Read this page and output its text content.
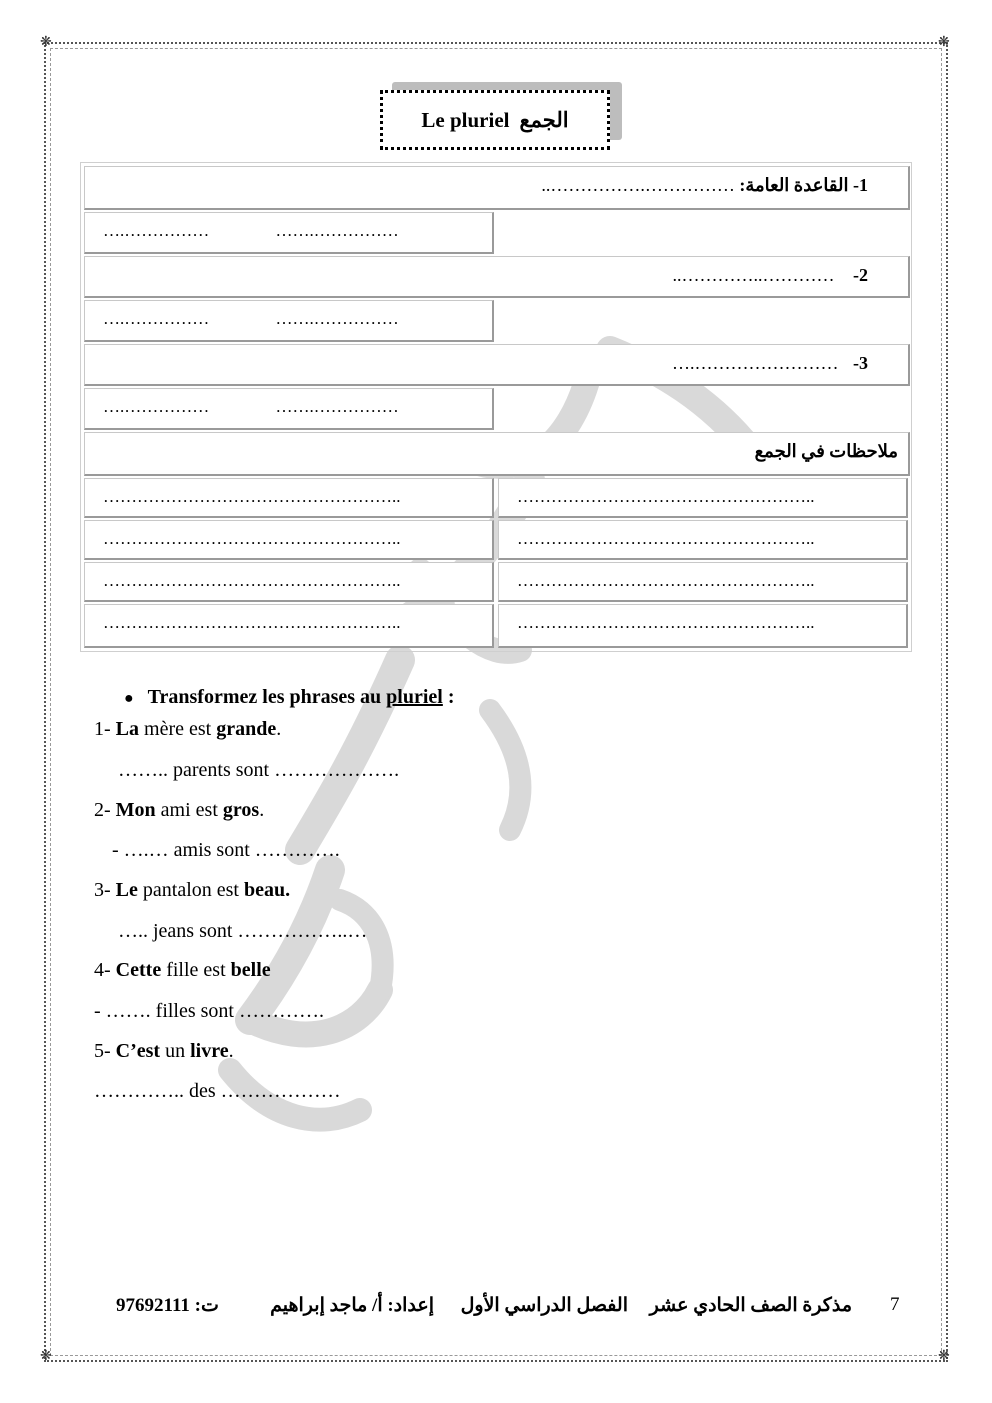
❋	❋
❋	❋
Le pluriel الجمع
1- القاعدة العامة: …………….……………..
….……………	…….……………
2- …………..…………..
….……………	…….……………
3- …………………….…
….……………	…….……………
ملاحظات في الجمع
……………………………………………..	……………………………………………..
……………………………………………..	……………………………………………..
……………………………………………..	……………………………………………..
……………………………………………..	……………………………………………..
● Transformez les phrases au pluriel :
1- La mère est grande.
…….. parents sont ……………….
2- Mon ami est gros.
- ….… amis sont ………….
3- Le pantalon est beau.
….. jeans sont ……………..…
4- Cette fille est belle
- ……. filles sont ………….
5- C’est un livre.
………….. des ………………
7
مذكرة الصف الحادي عشر
الفصل الدراسي الأول
إعداد: أ/ ماجد إبراهيم
ت: 97692111
